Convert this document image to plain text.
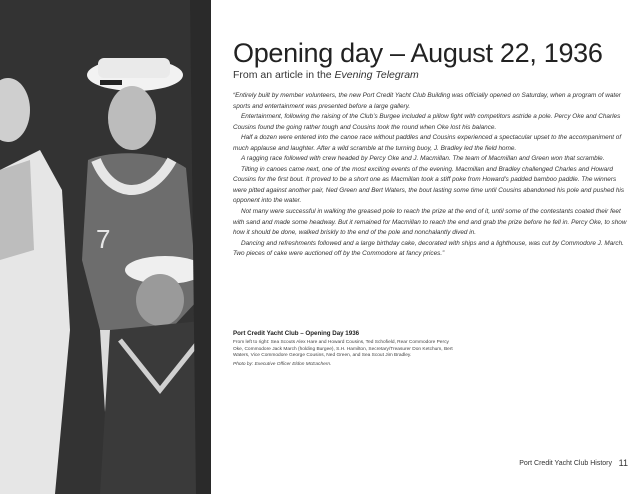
7
Opening day – August 22, 1936
From an article in the Evening Telegram

“Entirely built by member volunteers, the new Port Credit Yacht Club Building was officially opened on Saturday, when a program of water sports and entertainment was presented before a large gallery.

Entertainment, following the raising of the Club’s Burgee included a pillow fight with competitors astride a pole. Percy Oke and Charles Cousins found the going rather tough and Cousins took the round when Oke lost his balance.

Half a dozen were entered into the canoe race without paddles and Cousins experienced a spectacular upset to the accompaniment of much applause and laughter. After a wild scramble at the turning buoy, J. Bradley led the field home.

A ragging race followed with crew headed by Percy Oke and J. Macmillan. The team of Macmillan and Green won that scramble.

Tilting in canoes came next, one of the most exciting events of the evening. Macmillan and Bradley challenged Charles and Howard Cousins for the first bout. It proved to be a short one as Macmillan took a stiff poke from Howard’s padded bamboo paddle. The winners were pitted against another pair, Ned Green and Bert Waters, the bout lasting some time until Cousins abandoned his pole and pushed his opponent into the water.

Not many were successful in walking the greased pole to reach the prize at the end of it, until some of the contestants coated their feet with sand and made some headway. But it remained for Macmillan to reach the end and grab the prize before he fell in. Percy Oke, to show how it should be done, walked briskly to the end of the pole and nonchalantly dived in.

Dancing and refreshments followed and a large birthday cake, decorated with ships and a lighthouse, was cut by Commodore J. March. Two pieces of cake were auctioned off by the Commodore at fancy prices.”

Port Credit Yacht Club – Opening Day 1936

From left to right: Sea Scouts Alex Hare and Howard Cousins, Ted Schofield, Rear Commodore Percy Oke, Commodore Jack March (holding Burgee), S.H. Hamilton, Secretary/Treasurer Don Ketchum, Bert Waters, Vice Commodore George Cousins, Ned Green, and Sea Scout Jim Bradley.

Photo by: Executive Officer Eldon McEachern.

Port Credit Yacht Club History 11
